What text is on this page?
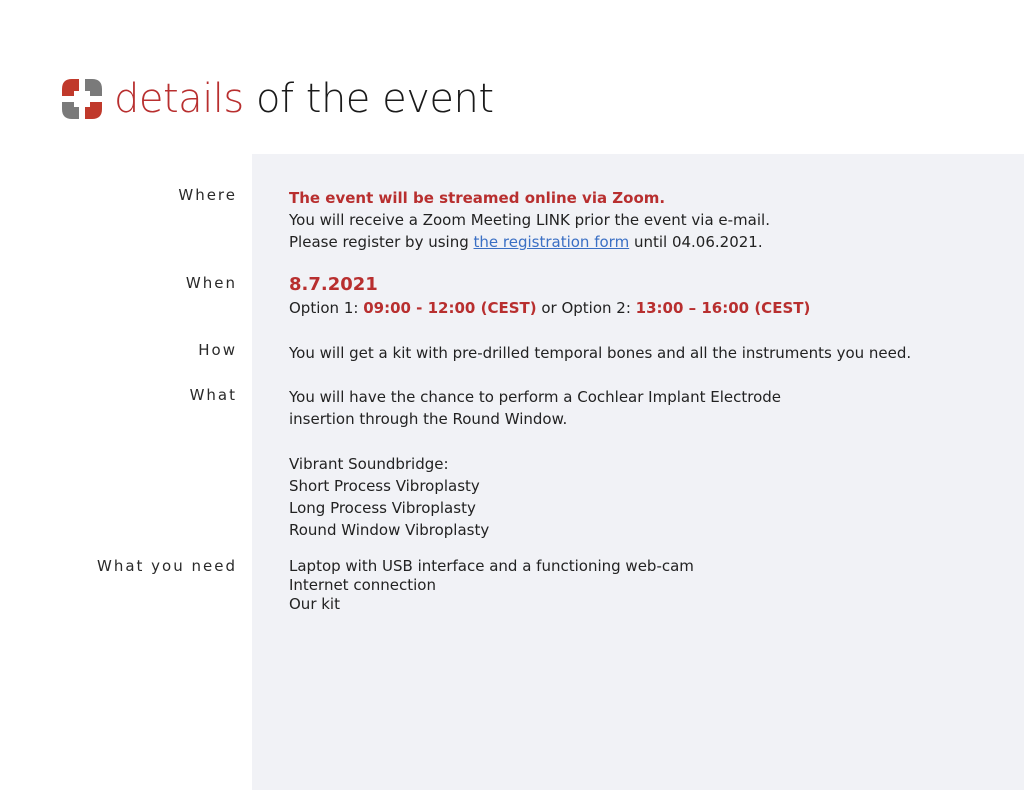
details of the event
Where	The event will be streamed online via Zoom.
You will receive a Zoom Meeting LINK prior the event via e-mail.
Please register by using the registration form until 04.06.2021.
When	8.7.2021
Option 1: 09:00 - 12:00 (CEST) or Option 2: 13:00 – 16:00 (CEST)
How	You will get a kit with pre-drilled temporal bones and all the instruments you need.
What	You will have the chance to perform a Cochlear Implant Electrode
insertion through the Round Window.
Vibrant Soundbridge:
Short Process Vibroplasty
Long Process Vibroplasty
Round Window Vibroplasty
What you need	Laptop with USB interface and a functioning web-cam
Internet connection
Our kit
